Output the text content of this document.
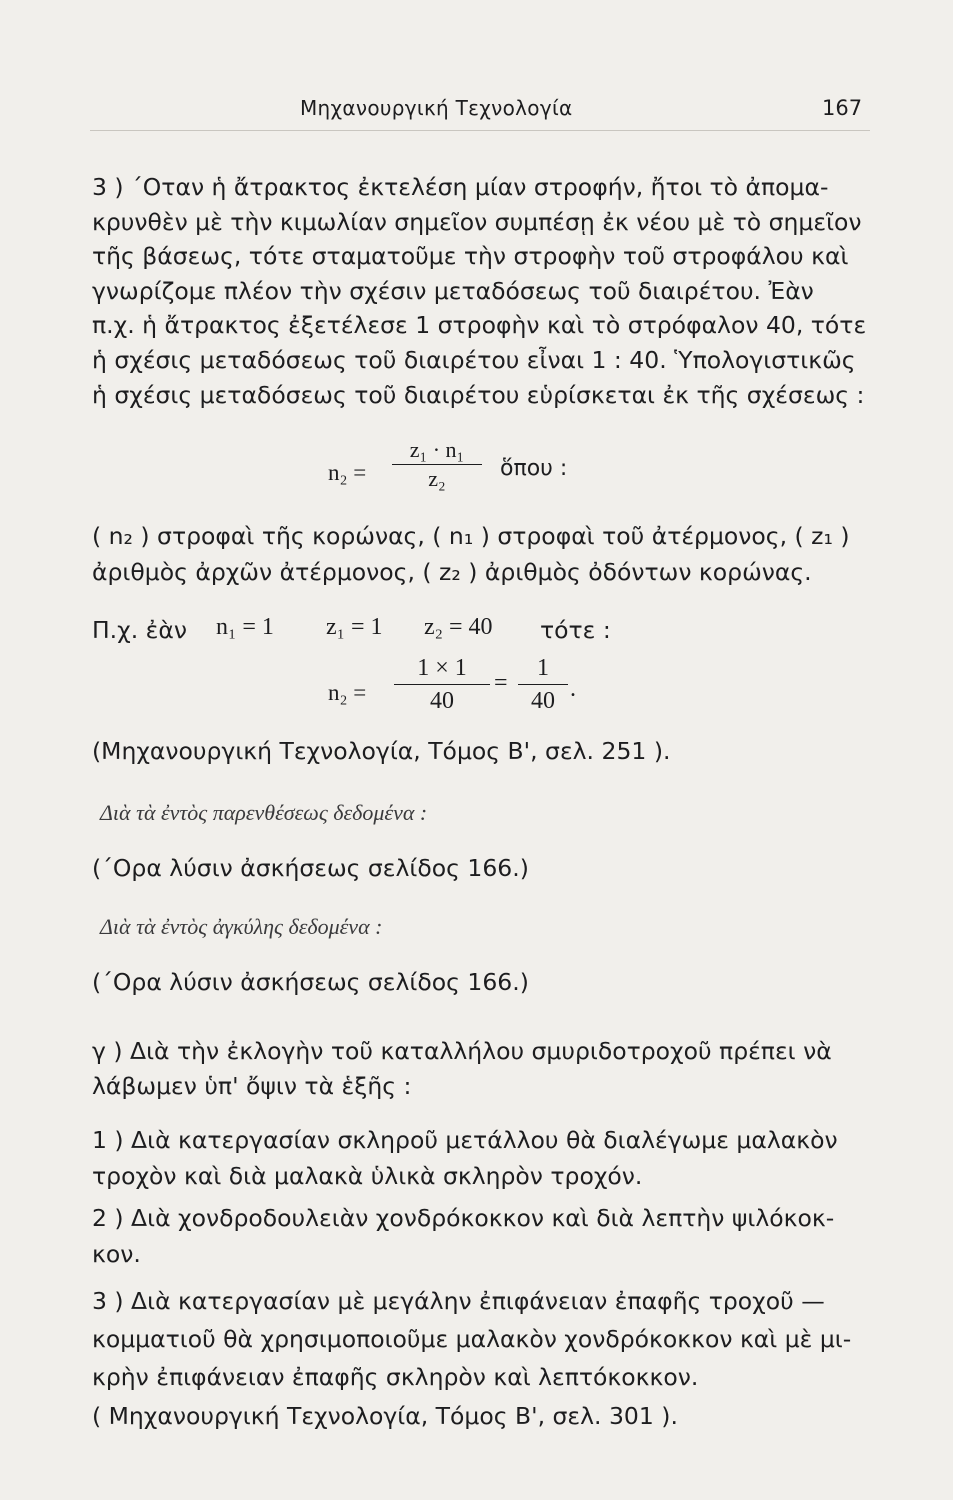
Μηχανουργική Τεχνολογία	167
3 ) ΄Οταν ἡ ἄτρακτος ἐκτελέση μίαν στροφήν, ἤτοι τὸ ἀπομα-
κρυνθὲν μὲ τὴν κιμωλίαν σημεῖον συμπέσῃ ἐκ νέου μὲ τὸ σημεῖον
τῆς βάσεως, τότε σταματοῦμε τὴν στροφὴν τοῦ στροφάλου καὶ
γνωρίζομε πλέον τὴν σχέσιν μεταδόσεως τοῦ διαιρέτου. Ἐὰν
π.χ. ἡ ἄτρακτος ἐξετέλεσε 1 στροφὴν καὶ τὸ στρόφαλον 40, τότε
ἡ σχέσις μεταδόσεως τοῦ διαιρέτου εἶναι 1 : 40. Ὑπολογιστικῶς
ἡ σχέσις μεταδόσεως τοῦ διαιρέτου εὑρίσκεται ἐκ τῆς σχέσεως :
n₂ =
z₁ · n₁
z₂	ὅπου :
( n₂ ) στροφαὶ τῆς κορώνας, ( n₁ ) στροφαὶ τοῦ ἀτέρμονος, ( z₁ )
ἀριθμὸς ἀρχῶν ἀτέρμονος, ( z₂ ) ἀριθμὸς ὀδόντων κορώνας.
Π.χ. ἐὰν n₁ = 1 z₁ = 1 z₂ = 40 τότε :
n₂ =
1 × 1
40
=
1
40 .
(Μηχανουργική Τεχνολογία, Τόμος Β', σελ. 251 ).
Διὰ τὰ ἐντὸς παρενθέσεως δεδομένα :
(΄Ορα λύσιν ἀσκήσεως σελίδος 166.)
Διὰ τὰ ἐντὸς ἀγκύλης δεδομένα :
(΄Ορα λύσιν ἀσκήσεως σελίδος 166.)
γ ) Διὰ τὴν ἐκλογὴν τοῦ καταλλήλου σμυριδοτροχοῦ πρέπει νὰ
λάβωμεν ὑπ' ὄψιν τὰ ἑξῆς :
1 ) Διὰ κατεργασίαν σκληροῦ μετάλλου θὰ διαλέγωμε μαλακὸν
τροχὸν καὶ διὰ μαλακὰ ὑλικὰ σκληρὸν τροχόν.
2 ) Διὰ χονδροδουλειὰν χονδρόκοκκον καὶ διὰ λεπτὴν ψιλόκοκ-
κον.
3 ) Διὰ κατεργασίαν μὲ μεγάλην ἐπιφάνειαν ἐπαφῆς τροχοῦ —
κομματιοῦ θὰ χρησιμοποιοῦμε μαλακὸν χονδρόκοκκον καὶ μὲ μι-
κρὴν ἐπιφάνειαν ἐπαφῆς σκληρὸν καὶ λεπτόκοκκον.
( Μηχανουργική Τεχνολογία, Τόμος Β', σελ. 301 ).
